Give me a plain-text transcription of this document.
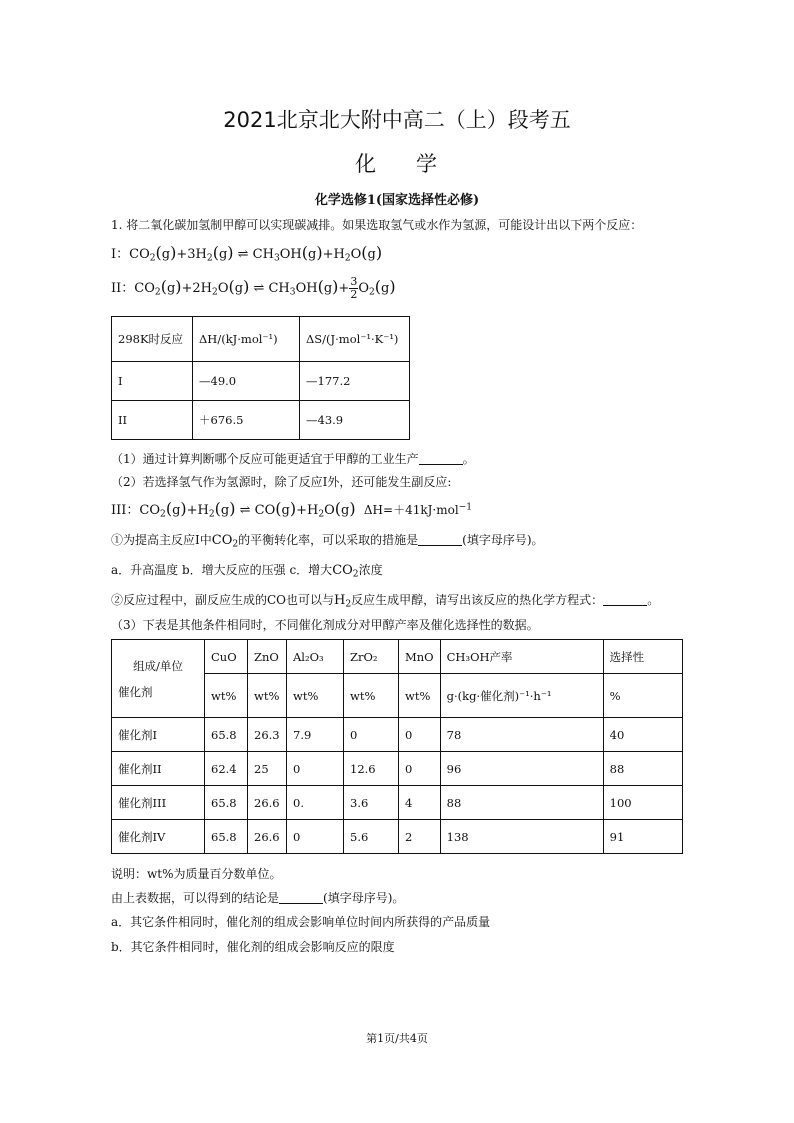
2021北京北大附中高二（上）段考五
化 学
化学选修1(国家选择性必修)
1. 将二氧化碳加氢制甲醇可以实现碳减排。如果选取氢气或水作为氢源，可能设计出以下两个反应：
I：$CO_2(g)+3H_2(g)$ ⇌ $CH_3OH(g)+H_2O(g)$
II：$CO_2(g)+2H_2O(g)$ ⇌ $CH_3OH(g)+ \frac{3}{2} O_2(g)$
298K时反应	ΔH/(kJ·mol⁻¹)	ΔS/(J·mol⁻¹·K⁻¹)
I	—49.0	—177.2
II	＋676.5	—43.9
（1）通过计算判断哪个反应可能更适宜于甲醇的工业生产	。
（2）若选择氢气作为氢源时，除了反应I外，还可能发生副反应:
III：$CO_2(g)+H_2(g)$ ⇌ $CO(g)+H_2O(g)$ ΔH=＋41kJ·mol$^{-1}$
①为提高主反应I中$CO_2$的平衡转化率，可以采取的措施是	(填字母序号)。
a．升高温度 b．增大反应的压强 c．增大$CO_2$浓度
②反应过程中，副反应生成的CO也可以与$H_2$反应生成甲醇，请写出该反应的热化学方程式：	。
（3）下表是其他条件相同时，不同催化剂成分对甲醇产率及催化选择性的数据。
组成/单位
催化剂	CuO	ZnO	Al₂O₃	ZrO₂	MnO	CH₃OH产率	选择性
	wt%	wt%	wt%	wt%	wt%	g·(kg·催化剂)⁻¹·h⁻¹	%
催化剂I	65.8	26.3	7.9	0	0	78	40
催化剂II	62.4	25	0	12.6	0	96	88
催化剂III	65.8	26.6	0.	3.6	4	88	100
催化剂IV	65.8	26.6	0	5.6	2	138	91
说明：wt%为质量百分数单位。
由上表数据，可以得到的结论是	(填字母序号)。
a．其它条件相同时，催化剂的组成会影响单位时间内所获得的产品质量
b．其它条件相同时，催化剂的组成会影响反应的限度
第1页/共4页
